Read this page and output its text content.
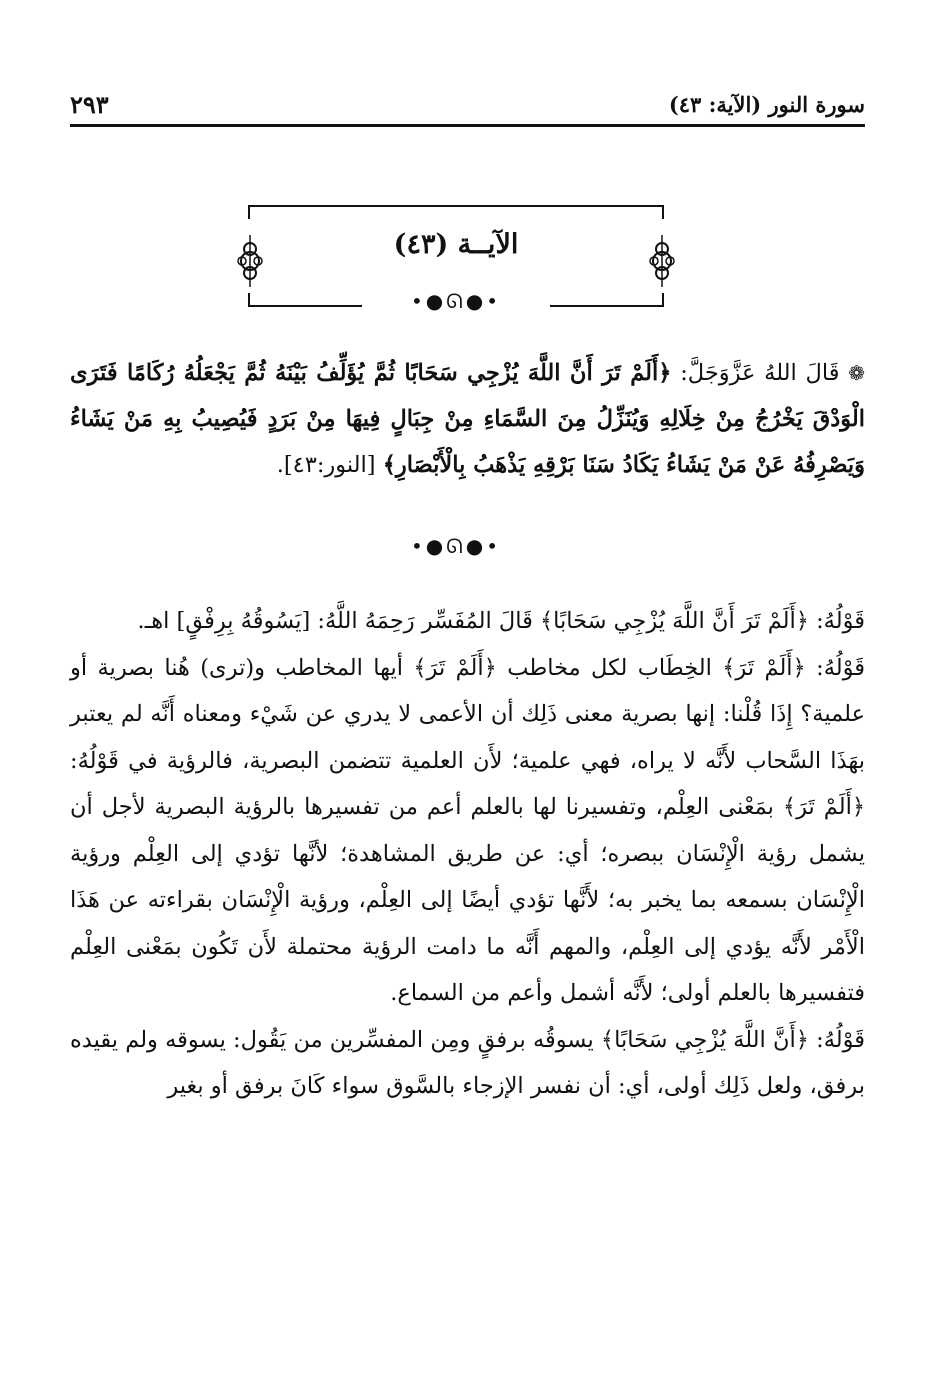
سورة النور (الآية: ٤٣)
٢٩٣
الآيــة (٤٣)
•●‍ᘏ●•
❁ قَالَ اللهُ عَزَّوَجَلَّ: ﴿أَلَمْ تَرَ أَنَّ اللَّهَ يُزْجِي سَحَابًا ثُمَّ يُؤَلِّفُ بَيْنَهُ ثُمَّ يَجْعَلُهُ رُكَامًا فَتَرَى الْوَدْقَ يَخْرُجُ مِنْ خِلَالِهِ وَيُنَزِّلُ مِنَ السَّمَاءِ مِنْ جِبَالٍ فِيهَا مِنْ بَرَدٍ فَيُصِيبُ بِهِ مَنْ يَشَاءُ وَيَصْرِفُهُ عَنْ مَنْ يَشَاءُ يَكَادُ سَنَا بَرْقِهِ يَذْهَبُ بِالْأَبْصَارِ﴾ [النور:٤٣].
•●‍ᘏ●•

قَوْلُهُ: ﴿أَلَمْ تَرَ أَنَّ اللَّهَ يُزْجِي سَحَابًا﴾ قَالَ المُفَسِّر رَحِمَهُ اللَّهُ: [يَسُوقُهُ بِرِفْقٍ] اهـ.

قَوْلُهُ: ﴿أَلَمْ تَرَ﴾ الخِطَاب لكل مخاطب ﴿أَلَمْ تَرَ﴾ أيها المخاطب و(ترى) هُنا بصرية أو علمية؟ إِذَا قُلْنا: إنها بصرية معنى ذَلِك أن الأعمى لا يدري عن شَيْء ومعناه أَنَّه لم يعتبر بهَذَا السَّحاب لأَنَّه لا يراه، فهي علمية؛ لأَن العلمية تتضمن البصرية، فالرؤية في قَوْلُهُ: ﴿أَلَمْ تَرَ﴾ بمَعْنى العِلْم، وتفسيرنا لها بالعلم أعم من تفسيرها بالرؤية البصرية لأجل أن يشمل رؤية الْإِنْسَان ببصره؛ أي: عن طريق المشاهدة؛ لأنَّها تؤدي إلى العِلْم ورؤية الْإِنْسَان بسمعه بما يخبر به؛ لأَنَّها تؤدي أيضًا إلى العِلْم، ورؤية الْإِنْسَان بقراءته عن هَذَا الْأَمْر لأَنَّه يؤدي إلى العِلْم، والمهم أَنَّه ما دامت الرؤية محتملة لأَن تَكُون بمَعْنى العِلْم فتفسيرها بالعلم أولى؛ لأَنَّه أشمل وأعم من السماع.

قَوْلُهُ: ﴿أَنَّ اللَّهَ يُزْجِي سَحَابًا﴾ يسوقُه برفقٍ ومِن المفسِّرين من يَقُول: يسوقه ولم يقيده برفق، ولعل ذَلِك أولى، أي: أن نفسر الإزجاء بالسَّوق سواء كَانَ برفق أو بغير
